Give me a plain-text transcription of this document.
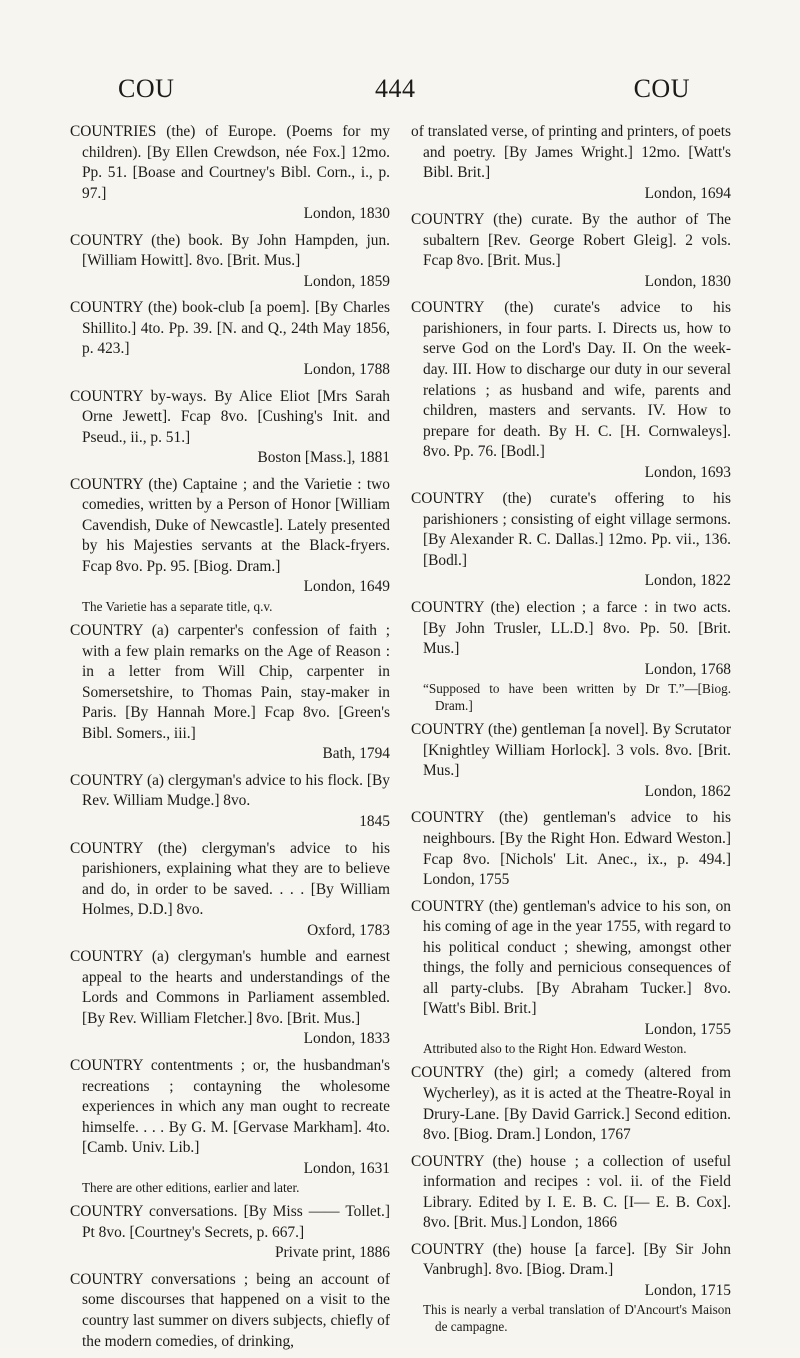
COU	444	COU
COUNTRIES (the) of Europe. (Poems for my children). [By Ellen Crewdson, née Fox.] 12mo. Pp. 51. [Boase and Courtney's Bibl. Corn., i., p. 97.]
London, 1830
COUNTRY (the) book. By John Hampden, jun. [William Howitt]. 8vo. [Brit. Mus.]
London, 1859
COUNTRY (the) book-club [a poem]. [By Charles Shillito.] 4to. Pp. 39. [N. and Q., 24th May 1856, p. 423.]
London, 1788
COUNTRY by-ways. By Alice Eliot [Mrs Sarah Orne Jewett]. Fcap 8vo. [Cushing's Init. and Pseud., ii., p. 51.]
Boston [Mass.], 1881
COUNTRY (the) Captaine ; and the Varietie : two comedies, written by a Person of Honor [William Cavendish, Duke of Newcastle]. Lately presented by his Majesties servants at the Black-fryers. Fcap 8vo. Pp. 95. [Biog. Dram.]
London, 1649
The Varietie has a separate title, q.v.
COUNTRY (a) carpenter's confession of faith ; with a few plain remarks on the Age of Reason : in a letter from Will Chip, carpenter in Somersetshire, to Thomas Pain, stay-maker in Paris. [By Hannah More.] Fcap 8vo. [Green's Bibl. Somers., iii.]
Bath, 1794
COUNTRY (a) clergyman's advice to his flock. [By Rev. William Mudge.] 8vo.
1845
COUNTRY (the) clergyman's advice to his parishioners, explaining what they are to believe and do, in order to be saved. . . . [By William Holmes, D.D.] 8vo.
Oxford, 1783
COUNTRY (a) clergyman's humble and earnest appeal to the hearts and understandings of the Lords and Commons in Parliament assembled. [By Rev. William Fletcher.] 8vo. [Brit. Mus.]
London, 1833
COUNTRY contentments ; or, the husbandman's recreations ; contayning the wholesome experiences in which any man ought to recreate himselfe. . . . By G. M. [Gervase Markham]. 4to. [Camb. Univ. Lib.]
London, 1631
There are other editions, earlier and later.
COUNTRY conversations. [By Miss —— Tollet.] Pt 8vo. [Courtney's Secrets, p. 667.]
Private print, 1886
COUNTRY conversations ; being an account of some discourses that happened on a visit to the country last summer on divers subjects, chiefly of the modern comedies, of drinking,
of translated verse, of printing and printers, of poets and poetry. [By James Wright.] 12mo. [Watt's Bibl. Brit.]
London, 1694
COUNTRY (the) curate. By the author of The subaltern [Rev. George Robert Gleig]. 2 vols. Fcap 8vo. [Brit. Mus.]
London, 1830
COUNTRY (the) curate's advice to his parishioners, in four parts. I. Directs us, how to serve God on the Lord's Day. II. On the week-day. III. How to discharge our duty in our several relations ; as husband and wife, parents and children, masters and servants. IV. How to prepare for death. By H. C. [H. Cornwaleys]. 8vo. Pp. 76. [Bodl.]
London, 1693
COUNTRY (the) curate's offering to his parishioners ; consisting of eight village sermons. [By Alexander R. C. Dallas.] 12mo. Pp. vii., 136. [Bodl.]
London, 1822
COUNTRY (the) election ; a farce : in two acts. [By John Trusler, LL.D.] 8vo. Pp. 50. [Brit. Mus.]
London, 1768
“Supposed to have been written by Dr T.”—[Biog. Dram.]
COUNTRY (the) gentleman [a novel]. By Scrutator [Knightley William Horlock]. 3 vols. 8vo. [Brit. Mus.]
London, 1862
COUNTRY (the) gentleman's advice to his neighbours. [By the Right Hon. Edward Weston.] Fcap 8vo. [Nichols' Lit. Anec., ix., p. 494.] London, 1755
COUNTRY (the) gentleman's advice to his son, on his coming of age in the year 1755, with regard to his political conduct ; shewing, amongst other things, the folly and pernicious consequences of all party-clubs. [By Abraham Tucker.] 8vo. [Watt's Bibl. Brit.]
London, 1755
Attributed also to the Right Hon. Edward Weston.
COUNTRY (the) girl; a comedy (altered from Wycherley), as it is acted at the Theatre-Royal in Drury-Lane. [By David Garrick.] Second edition. 8vo. [Biog. Dram.] London, 1767
COUNTRY (the) house ; a collection of useful information and recipes : vol. ii. of the Field Library. Edited by I. E. B. C. [I— E. B. Cox]. 8vo. [Brit. Mus.] London, 1866
COUNTRY (the) house [a farce]. [By Sir John Vanbrugh]. 8vo. [Biog. Dram.]
London, 1715
This is nearly a verbal translation of D'Ancourt's Maison de campagne.
